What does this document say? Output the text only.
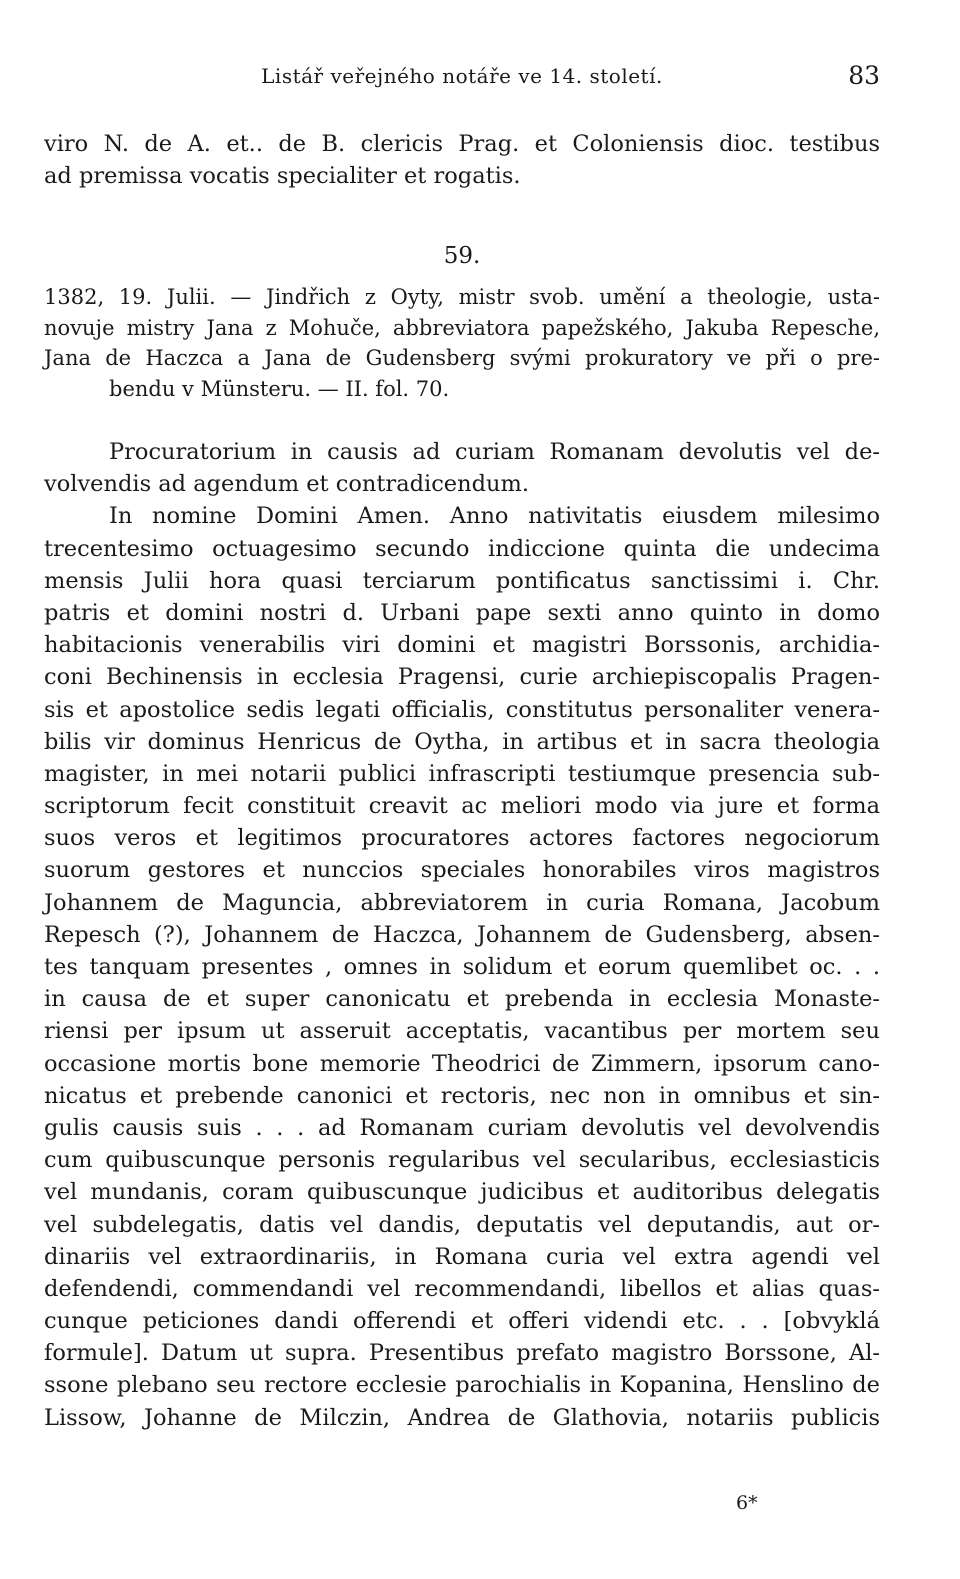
Listář veřejného notáře ve 14. století.	83
viro N. de A. et.. de B. clericis Prag. et Coloniensis dioc. testibus
ad premissa vocatis specialiter et rogatis.
59.
1382, 19. Julii. — Jindřich z Oyty, mistr svob. umění a theologie, usta-
novuje mistry Jana z Mohuče, abbreviatora papežského, Jakuba Repesche,
Jana de Haczca a Jana de Gudensberg svými prokuratory ve při o pre-
bendu v Münsteru. — II. fol. 70.
Procuratorium in causis ad curiam Romanam devolutis vel de-
volvendis ad agendum et contradicendum.
In nomine Domini Amen. Anno nativitatis eiusdem milesimo
trecentesimo octuagesimo secundo indiccione quinta die undecima
mensis Julii hora quasi terciarum pontificatus sanctissimi i. Chr.
patris et domini nostri d. Urbani pape sexti anno quinto in domo
habitacionis venerabilis viri domini et magistri Borssonis, archidia-
coni Bechinensis in ecclesia Pragensi, curie archiepiscopalis Pragen-
sis et apostolice sedis legati officialis, constitutus personaliter venera-
bilis vir dominus Henricus de Oytha, in artibus et in sacra theologia
magister, in mei notarii publici infrascripti testiumque presencia sub-
scriptorum fecit constituit creavit ac meliori modo via jure et forma
suos veros et legitimos procuratores actores factores negociorum
suorum gestores et nunccios speciales honorabiles viros magistros
Johannem de Maguncia, abbreviatorem in curia Romana, Jacobum
Repesch (?), Johannem de Haczca, Johannem de Gudensberg, absen-
tes tanquam presentes , omnes in solidum et eorum quemlibet oc. . .
in causa de et super canonicatu et prebenda in ecclesia Monaste-
riensi per ipsum ut asseruit acceptatis, vacantibus per mortem seu
occasione mortis bone memorie Theodrici de Zimmern, ipsorum cano-
nicatus et prebende canonici et rectoris, nec non in omnibus et sin-
gulis causis suis . . . ad Romanam curiam devolutis vel devolvendis
cum quibuscunque personis regularibus vel secularibus, ecclesiasticis
vel mundanis, coram quibuscunque judicibus et auditoribus delegatis
vel subdelegatis, datis vel dandis, deputatis vel deputandis, aut or-
dinariis vel extraordinariis, in Romana curia vel extra agendi vel
defendendi, commendandi vel recommendandi, libellos et alias quas-
cunque peticiones dandi offerendi et offeri videndi etc. . . [obvyklá
formule]. Datum ut supra. Presentibus prefato magistro Borssone, Al-
ssone plebano seu rectore ecclesie parochialis in Kopanina, Henslino de
Lissow, Johanne de Milczin, Andrea de Glathovia, notariis publicis
6*
